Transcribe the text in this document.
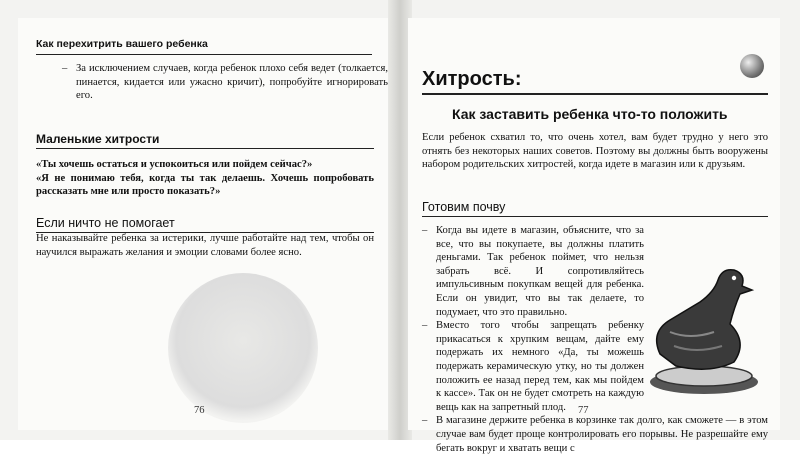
Как перехитрить вашего ребенка
– За исключением случаев, когда ребенок плохо себя ведет (толкается, пинается, кидается или ужасно кричит), попробуйте игнорировать его.
Маленькие хитрости
«Ты хочешь остаться и успокоиться или пойдем сейчас?»
«Я не понимаю тебя, когда ты так делаешь. Хочешь попробовать рассказать мне или просто показать?»
Если ничто не помогает
Не наказывайте ребенка за истерики, лучше работайте над тем, чтобы он научился выражать желания и эмоции словами более ясно.
76
Хитрость:
Как заставить ребенка что-то положить
Если ребенок схватил то, что очень хотел, вам будет трудно у него это отнять без некоторых наших советов. Поэтому вы должны быть вооружены набором родительских хитростей, когда идете в магазин или к друзьям.
Готовим почву
– Когда вы идете в магазин, объясните, что за все, что вы покупаете, вы должны платить деньгами. Так ребенок поймет, что нельзя забрать всё. И сопротивляйтесь импульсивным покупкам вещей для ребенка. Если он увидит, что вы так делаете, то подумает, что это правильно.
– Вместо того чтобы запрещать ребенку прикасаться к хрупким вещам, дайте ему подержать их немного «Да, ты можешь подержать керамическую утку, но ты должен положить ее назад перед тем, как мы пойдем к кассе». Так он не будет смотреть на каждую вещь как на запретный плод.
– В магазине держите ребенка в корзинке так долго, как сможете — в этом случае вам будет проще контролировать его порывы. Не разрешайте ему бегать вокруг и хватать вещи с
77
